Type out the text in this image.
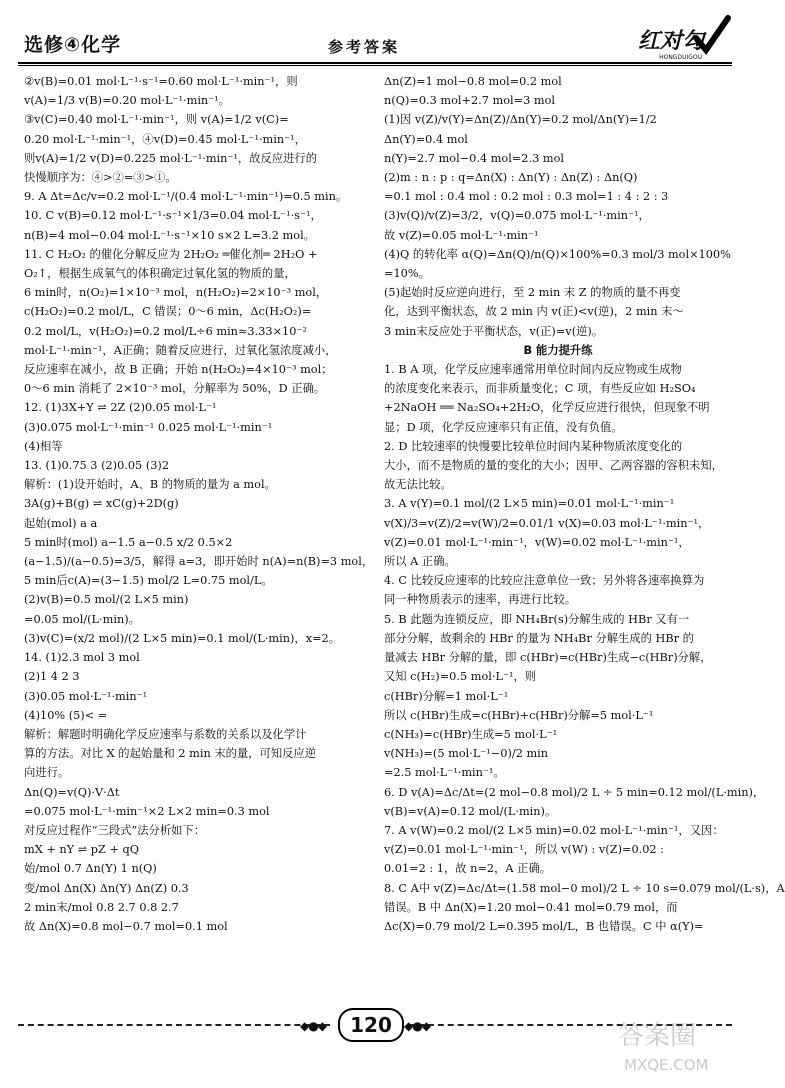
选修④化学	参考答案	红对勾
HONGDUIGOU
②v(B)=0.01 mol·L⁻¹·s⁻¹=0.60 mol·L⁻¹·min⁻¹，则
v(A)=1/3 v(B)=0.20 mol·L⁻¹·min⁻¹。
③v(C)=0.40 mol·L⁻¹·min⁻¹，则 v(A)=1/2 v(C)=
0.20 mol·L⁻¹·min⁻¹，④v(D)=0.45 mol·L⁻¹·min⁻¹，
则v(A)=1/2 v(D)=0.225 mol·L⁻¹·min⁻¹，故反应进行的
快慢顺序为：④>②=③>①。
9. A Δt=Δc/v=0.2 mol·L⁻¹/(0.4 mol·L⁻¹·min⁻¹)=0.5 min。
10. C v(B)=0.12 mol·L⁻¹·s⁻¹×1/3=0.04 mol·L⁻¹·s⁻¹，
n(B)=4 mol−0.04 mol·L⁻¹·s⁻¹×10 s×2 L=3.2 mol。
11. C H₂O₂ 的催化分解反应为 2H₂O₂ ═催化剂═ 2H₂O +
O₂↑，根据生成氧气的体积确定过氧化氢的物质的量，
6 min时，n(O₂)=1×10⁻³ mol，n(H₂O₂)=2×10⁻³ mol，
c(H₂O₂)=0.2 mol/L，C 错误；0～6 min，Δc(H₂O₂)=
0.2 mol/L，v(H₂O₂)=0.2 mol/L÷6 min≈3.33×10⁻²
mol·L⁻¹·min⁻¹，A正确；随着反应进行，过氧化氢浓度减小，
反应速率在减小，故 B 正确；开始 n(H₂O₂)=4×10⁻³ mol；
0～6 min 消耗了 2×10⁻³ mol，分解率为 50%，D 正确。
12. (1)3X+Y ⇌ 2Z (2)0.05 mol·L⁻¹
(3)0.075 mol·L⁻¹·min⁻¹ 0.025 mol·L⁻¹·min⁻¹
(4)相等
13. (1)0.75 3 (2)0.05 (3)2
解析：(1)设开始时，A、B 的物质的量为 a mol。
3A(g)+B(g) ⇌ xC(g)+2D(g)
起始(mol) a a
5 min时(mol) a−1.5 a−0.5 x/2 0.5×2
(a−1.5)/(a−0.5)=3/5，解得 a=3，即开始时 n(A)=n(B)=3 mol，
5 min后c(A)=(3−1.5) mol/2 L=0.75 mol/L。
(2)v(B)=0.5 mol/(2 L×5 min)
=0.05 mol/(L·min)。
(3)v(C)=(x/2 mol)/(2 L×5 min)=0.1 mol/(L·min)，x=2。
14. (1)2.3 mol 3 mol
(2)1 4 2 3
(3)0.05 mol·L⁻¹·min⁻¹
(4)10% (5)< =
解析：解题时明确化学反应速率与系数的关系以及化学计
算的方法。对比 X 的起始量和 2 min 末的量，可知反应逆
向进行。
Δn(Q)=v(Q)·V·Δt
=0.075 mol·L⁻¹·min⁻¹×2 L×2 min=0.3 mol
对反应过程作“三段式”法分析如下：
mX + nY ⇌ pZ + qQ
始/mol 0.7 Δn(Y) 1 n(Q)
变/mol Δn(X) Δn(Y) Δn(Z) 0.3
2 min末/mol 0.8 2.7 0.8 2.7
故 Δn(X)=0.8 mol−0.7 mol=0.1 mol
Δn(Z)=1 mol−0.8 mol=0.2 mol
n(Q)=0.3 mol+2.7 mol=3 mol
(1)因 v(Z)/v(Y)=Δn(Z)/Δn(Y)=0.2 mol/Δn(Y)=1/2
Δn(Y)=0.4 mol
n(Y)=2.7 mol−0.4 mol=2.3 mol
(2)m : n : p : q=Δn(X) : Δn(Y) : Δn(Z) : Δn(Q)
=0.1 mol : 0.4 mol : 0.2 mol : 0.3 mol=1 : 4 : 2 : 3
(3)v(Q)/v(Z)=3/2，v(Q)=0.075 mol·L⁻¹·min⁻¹，
故 v(Z)=0.05 mol·L⁻¹·min⁻¹
(4)Q 的转化率 α(Q)=Δn(Q)/n(Q)×100%=0.3 mol/3 mol×100%
=10%。
(5)起始时反应逆向进行，至 2 min 末 Z 的物质的量不再变
化，达到平衡状态，故 2 min 内 v(正)<v(逆)，2 min 末～
3 min末反应处于平衡状态，v(正)=v(逆)。
B 能力提升练
1. B A 项，化学反应速率通常用单位时间内反应物或生成物
的浓度变化来表示，而非质量变化；C 项，有些反应如 H₂SO₄
+2NaOH ══ Na₂SO₄+2H₂O，化学反应进行很快，但现象不明
显；D 项，化学反应速率只有正值，没有负值。
2. D 比较速率的快慢要比较单位时间内某种物质浓度变化的
大小，而不是物质的量的变化的大小；因甲、乙两容器的容积未知，
故无法比较。
3. A v(Y)=0.1 mol/(2 L×5 min)=0.01 mol·L⁻¹·min⁻¹
v(X)/3=v(Z)/2=v(W)/2=0.01/1 v(X)=0.03 mol·L⁻¹·min⁻¹，
v(Z)=0.01 mol·L⁻¹·min⁻¹，v(W)=0.02 mol·L⁻¹·min⁻¹，
所以 A 正确。
4. C 比较反应速率的比较应注意单位一致；另外将各速率换算为
同一种物质表示的速率，再进行比较。
5. B 此题为连锁反应，即 NH₄Br(s)分解生成的 HBr 又有一
部分分解，故剩余的 HBr 的量为 NH₄Br 分解生成的 HBr 的
量减去 HBr 分解的量，即 c(HBr)=c(HBr)生成−c(HBr)分解，
又知 c(H₂)=0.5 mol·L⁻¹，则
c(HBr)分解=1 mol·L⁻¹
所以 c(HBr)生成=c(HBr)+c(HBr)分解=5 mol·L⁻¹
c(NH₃)=c(HBr)生成=5 mol·L⁻¹
v(NH₃)=(5 mol·L⁻¹−0)/2 min
=2.5 mol·L⁻¹·min⁻¹。
6. D v(A)=Δc/Δt=(2 mol−0.8 mol)/2 L ÷ 5 min=0.12 mol/(L·min)，
v(B)=v(A)=0.12 mol/(L·min)。
7. A v(W)=0.2 mol/(2 L×5 min)=0.02 mol·L⁻¹·min⁻¹，又因：
v(Z)=0.01 mol·L⁻¹·min⁻¹，所以 v(W) : v(Z)=0.02 :
0.01=2 : 1，故 n=2，A 正确。
8. C A中 v(Z)=Δc/Δt=(1.58 mol−0 mol)/2 L ÷ 10 s=0.079 mol/(L·s)，A
错误。B 中 Δn(X)=1.20 mol−0.41 mol=0.79 mol，而
Δc(X)=0.79 mol/2 L=0.395 mol/L，B 也错误。C 中 α(Y)=
◆●◆	120	◆●◆	答案圈
MXQE.COM
